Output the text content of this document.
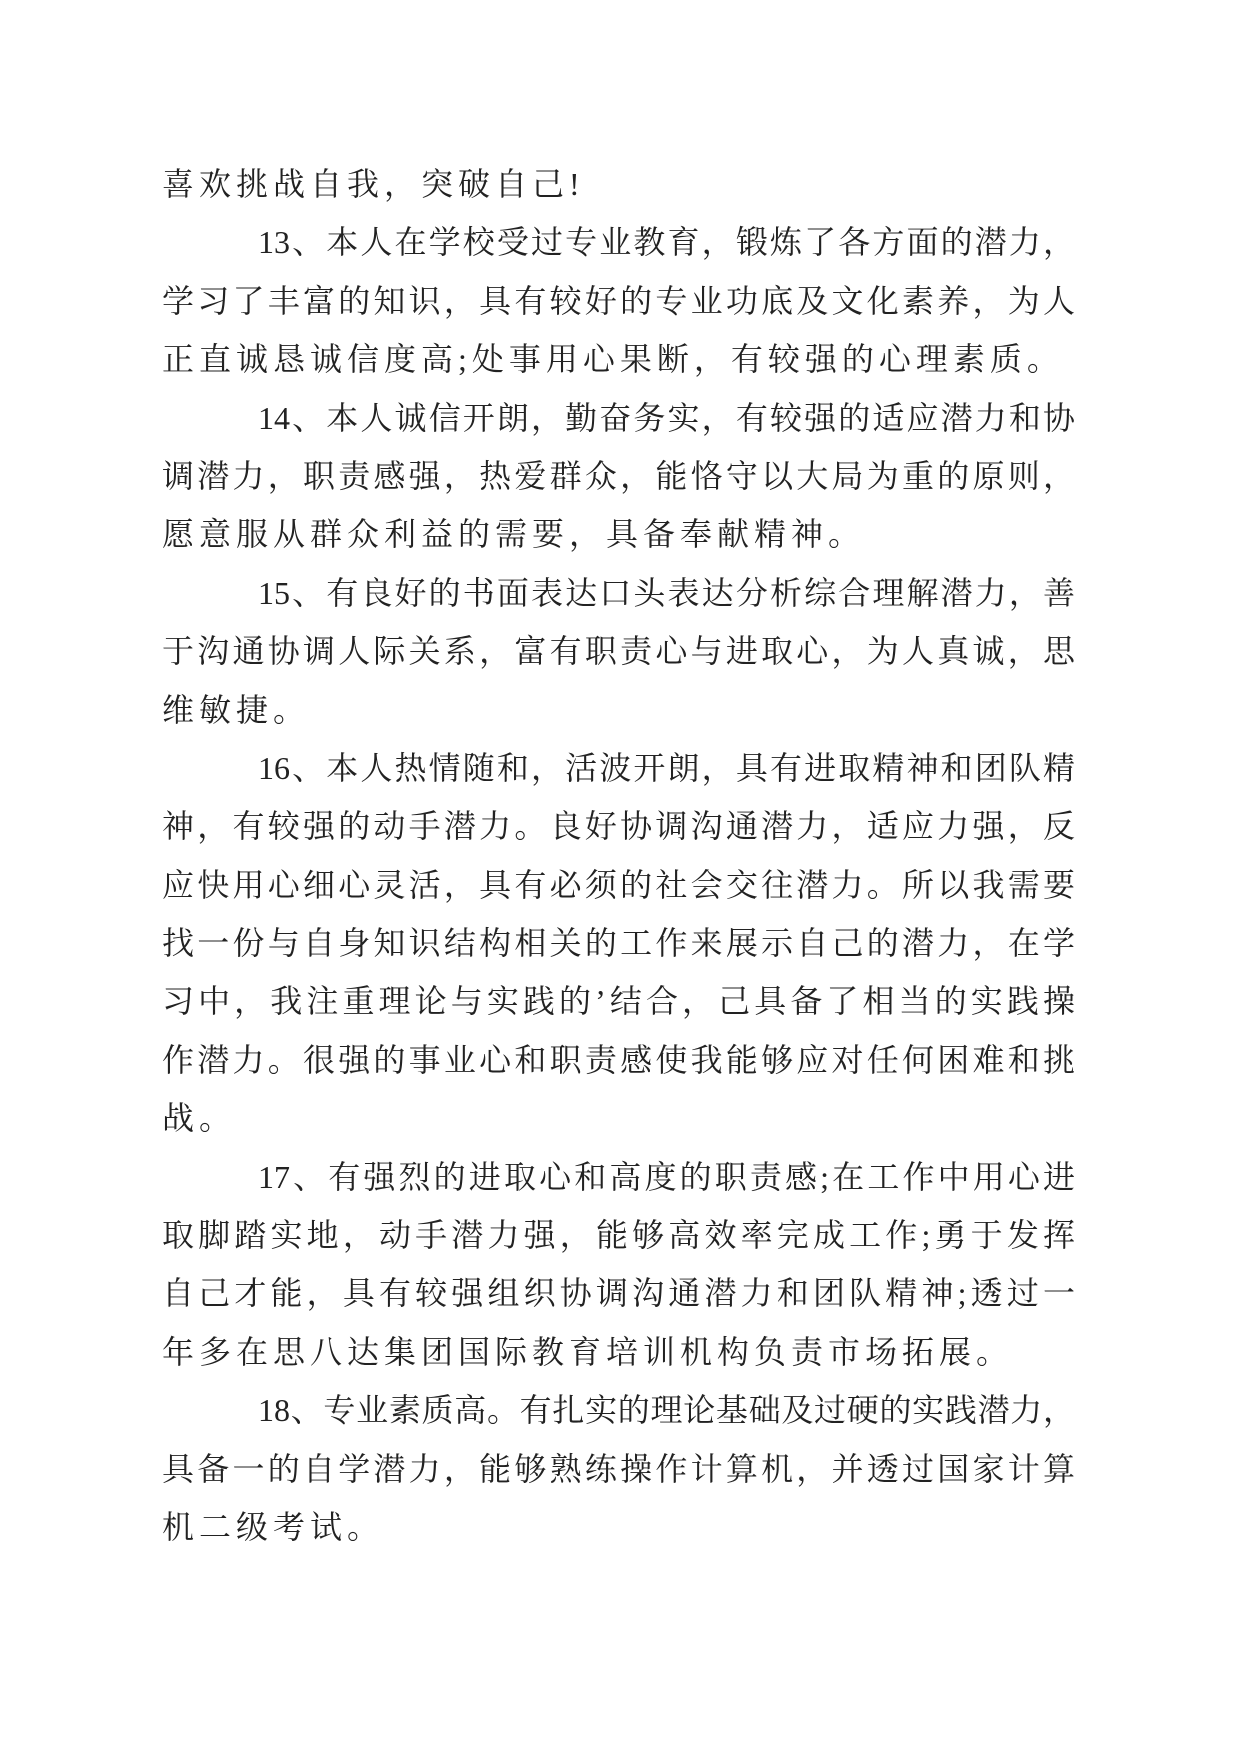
喜欢挑战自我，突破自己!
13、本人在学校受过专业教育，锻炼了各方面的潜力，
学习了丰富的知识，具有较好的专业功底及文化素养，为人
正直诚恳诚信度高;处事用心果断，有较强的心理素质。
14、本人诚信开朗，勤奋务实，有较强的适应潜力和协
调潜力，职责感强，热爱群众，能恪守以大局为重的原则，
愿意服从群众利益的需要，具备奉献精神。
15、有良好的书面表达口头表达分析综合理解潜力，善
于沟通协调人际关系，富有职责心与进取心，为人真诚，思
维敏捷。
16、本人热情随和，活波开朗，具有进取精神和团队精
神，有较强的动手潜力。良好协调沟通潜力，适应力强，反
应快用心细心灵活，具有必须的社会交往潜力。所以我需要
找一份与自身知识结构相关的工作来展示自己的潜力，在学
习中，我注重理论与实践的’结合，己具备了相当的实践操
作潜力。很强的事业心和职责感使我能够应对任何困难和挑
战。
17、有强烈的进取心和高度的职责感;在工作中用心进
取脚踏实地，动手潜力强，能够高效率完成工作;勇于发挥
自己才能，具有较强组织协调沟通潜力和团队精神;透过一
年多在思八达集团国际教育培训机构负责市场拓展。
18、专业素质高。有扎实的理论基础及过硬的实践潜力，
具备一的自学潜力，能够熟练操作计算机，并透过国家计算
机二级考试。
